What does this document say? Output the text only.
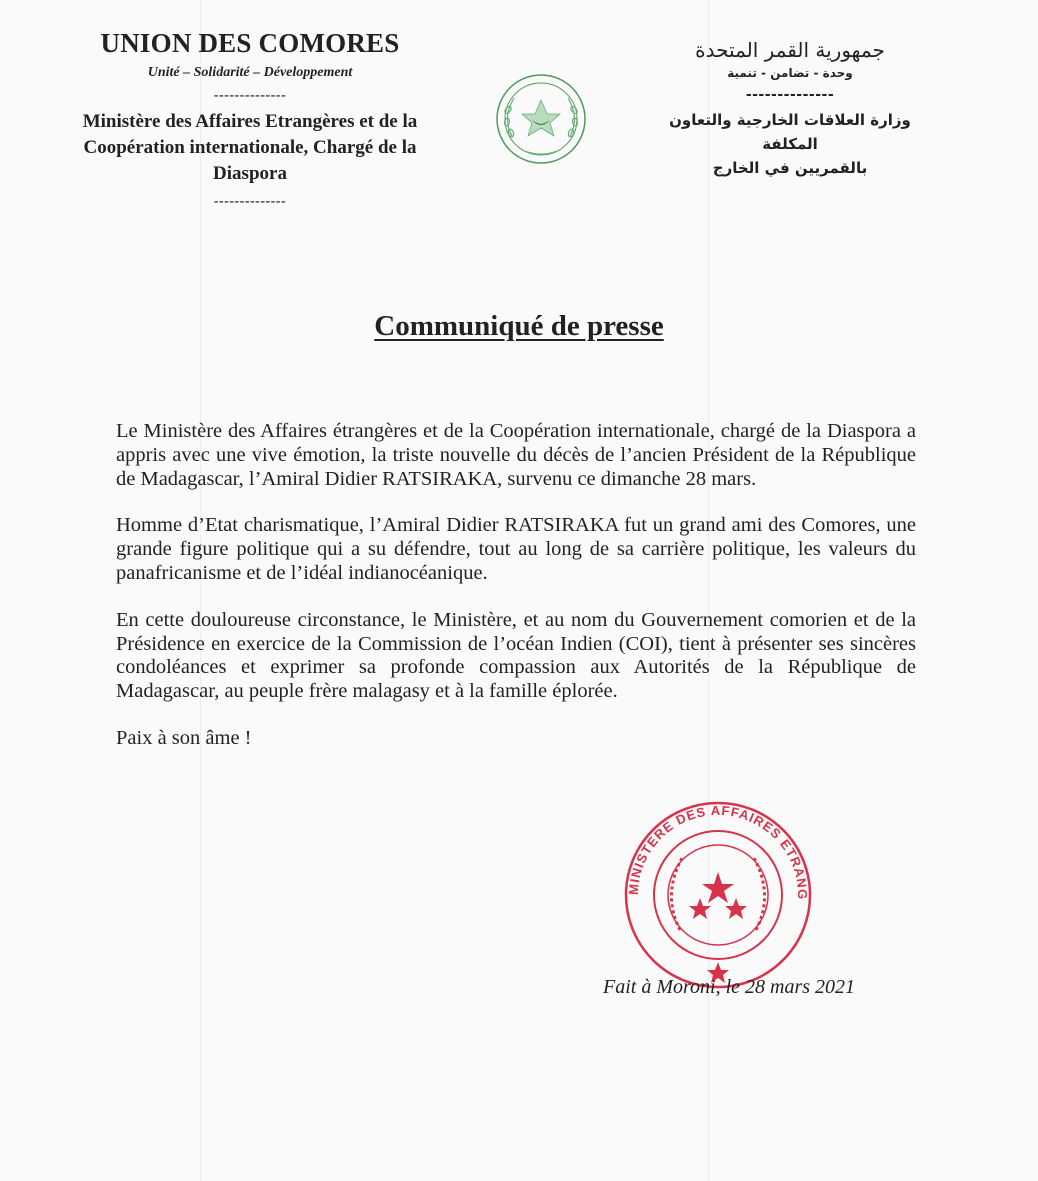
UNION DES COMORES
Unité – Solidarité – Développement
--------------
Ministère des Affaires Etrangères et de la
Coopération internationale, Chargé de la
Diaspora
--------------
جمهورية القمر المتحدة
وحدة - تضامن - تنمية
--------------
وزارة العلاقات الخارجية والتعاون المكلفة
بالقمريين في الخارج
Communiqué de presse

Le Ministère des Affaires étrangères et de la Coopération internationale, chargé de la Diaspora a appris avec une vive émotion, la triste nouvelle du décès de l’ancien Président de la République de Madagascar, l’Amiral Didier RATSIRAKA, survenu ce dimanche 28 mars.

Homme d’Etat charismatique, l’Amiral Didier RATSIRAKA fut un grand ami des Comores, une grande figure politique qui a su défendre, tout au long de sa carrière politique, les valeurs du panafricanisme et de l’idéal indianocéanique.

En cette douloureuse circonstance, le Ministère, et au nom du Gouvernement comorien et de la Présidence en exercice de la Commission de l’océan Indien (COI), tient à présenter ses sincères condoléances et exprimer sa profonde compassion aux Autorités de la République de Madagascar, au peuple frère malagasy et à la famille éplorée.

Paix à son âme !

MINISTERE DES AFFAIRES ETRANG
Fait à Moroni, le 28 mars 2021
